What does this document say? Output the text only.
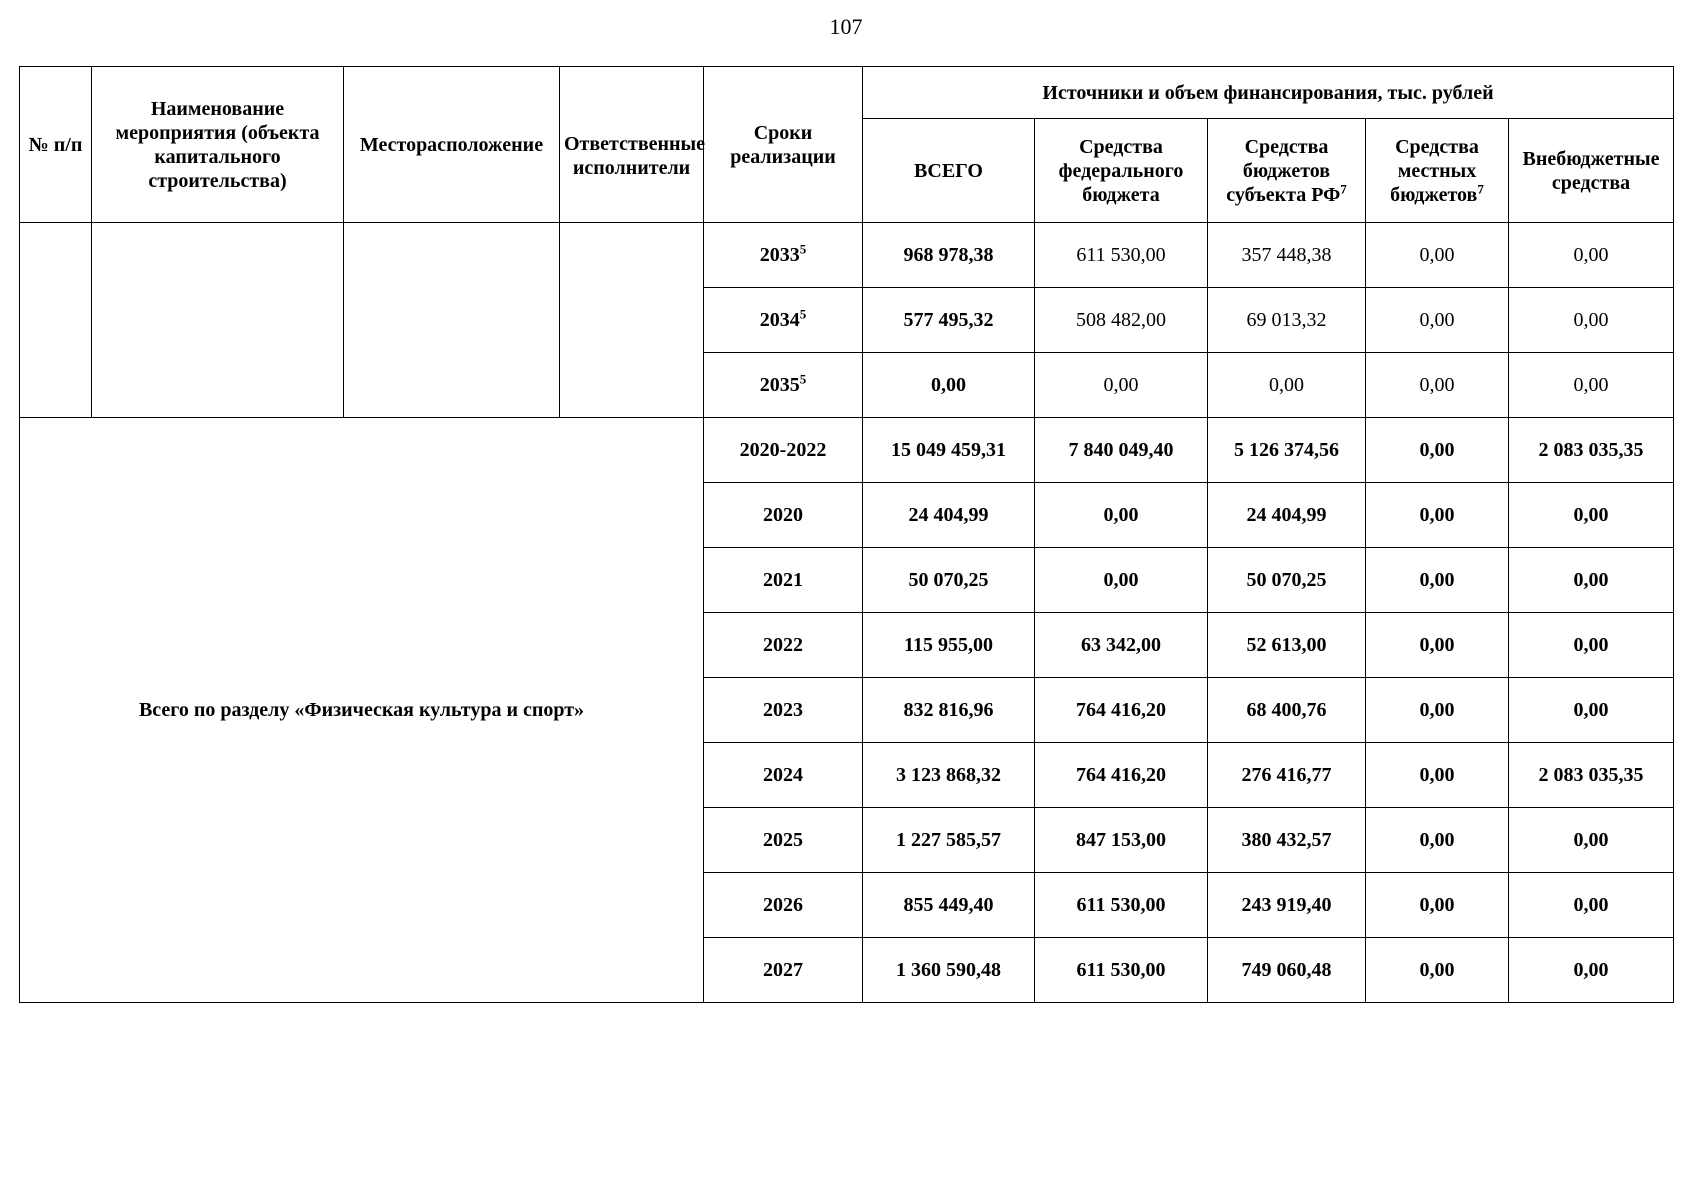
107
№ п/п	Наименование мероприятия (объекта капитального строительства)	Месторасположение	Ответственные исполнители	Сроки реализации	Источники и объем финансирования, тыс. рублей				
					ВСЕГО	Средства федерального бюджета	Средства бюджетов субъекта $РФ^7$	Средства местных бюджетов$^7$	Внебюджетные средства
				2033$^5$	968 978,38	611 530,00	357 448,38	0,00	0,00
				2034$^5$	577 495,32	508 482,00	69 013,32	0,00	0,00
				2035$^5$	0,00	0,00	0,00	0,00	0,00
Всего по разделу «Физическая культура и спорт»				2020-2022	15 049 459,31	7 840 049,40	5 126 374,56	0,00	2 083 035,35
				2020	24 404,99	0,00	24 404,99	0,00	0,00
				2021	50 070,25	0,00	50 070,25	0,00	0,00
				2022	115 955,00	63 342,00	52 613,00	0,00	0,00
				2023	832 816,96	764 416,20	68 400,76	0,00	0,00
				2024	3 123 868,32	764 416,20	276 416,77	0,00	2 083 035,35
				2025	1 227 585,57	847 153,00	380 432,57	0,00	0,00
				2026	855 449,40	611 530,00	243 919,40	0,00	0,00
				2027	1 360 590,48	611 530,00	749 060,48	0,00	0,00
